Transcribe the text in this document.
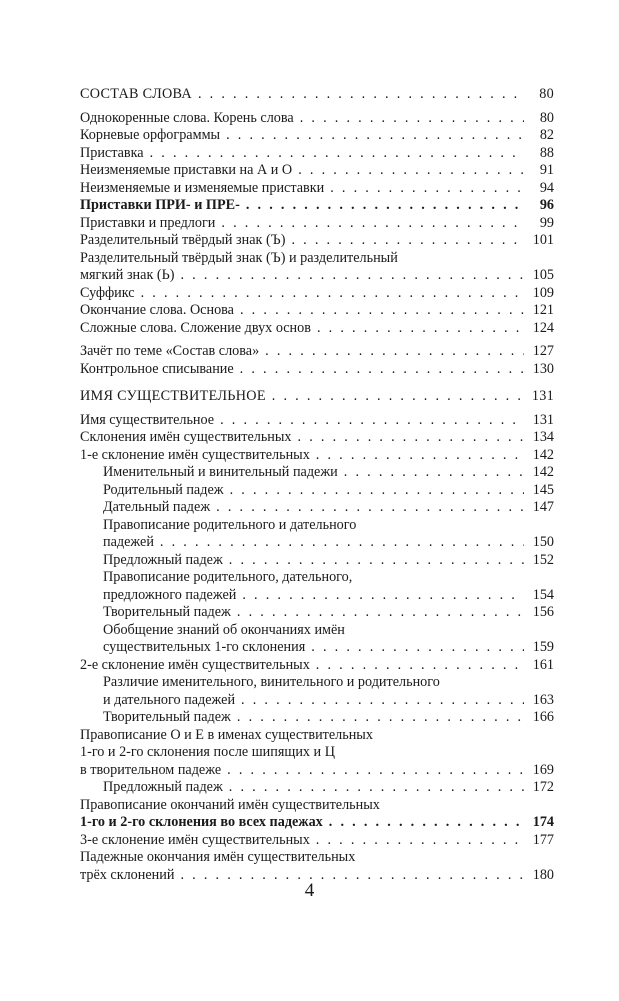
СОСТАВ СЛОВА . . .	80
Однокоренные слова. Корень слова . . .	80
Корневые орфограммы . . .	82
Приставка . . .	88
Неизменяемые приставки на А и О . . .	91
Неизменяемые и изменяемые приставки . . .	94
Приставки ПРИ- и ПРЕ- . . .	96
Приставки и предлоги . . .	99
Разделительный твёрдый знак (Ъ) . . .	101
Разделительный твёрдый знак (Ъ) и разделительный
мягкий знак (Ь) . . .	105
Суффикс . . .	109
Окончание слова. Основа . . .	121
Сложные слова. Сложение двух основ . . .	124
Зачёт по теме «Состав слова» . . .	127
Контрольное списывание . . .	130
ИМЯ СУЩЕСТВИТЕЛЬНОЕ . . .	131
Имя существительное . . .	131
Склонения имён существительных . . .	134
1-е склонение имён существительных . . .	142
Именительный и винительный падежи . . .	142
Родительный падеж . . .	145
Дательный падеж . . .	147
Правописание родительного и дательного
падежей . . .	150
Предложный падеж . . .	152
Правописание родительного, дательного,
предложного падежей . . .	154
Творительный падеж . . .	156
Обобщение знаний об окончаниях имён
существительных 1-го склонения . . .	159
2-е склонение имён существительных . . .	161
Различие именительного, винительного и родительного
и дательного падежей . . .	163
Творительный падеж . . .	166
Правописание О и Е в именах существительных
1-го и 2-го склонения после шипящих и Ц
в творительном падеже . . .	169
Предложный падеж . . .	172
Правописание окончаний имён существительных
1-го и 2-го склонения во всех падежах . . .	174
3-е склонение имён существительных . . .	177
Падежные окончания имён существительных
трёх склонений . . .	180
4
